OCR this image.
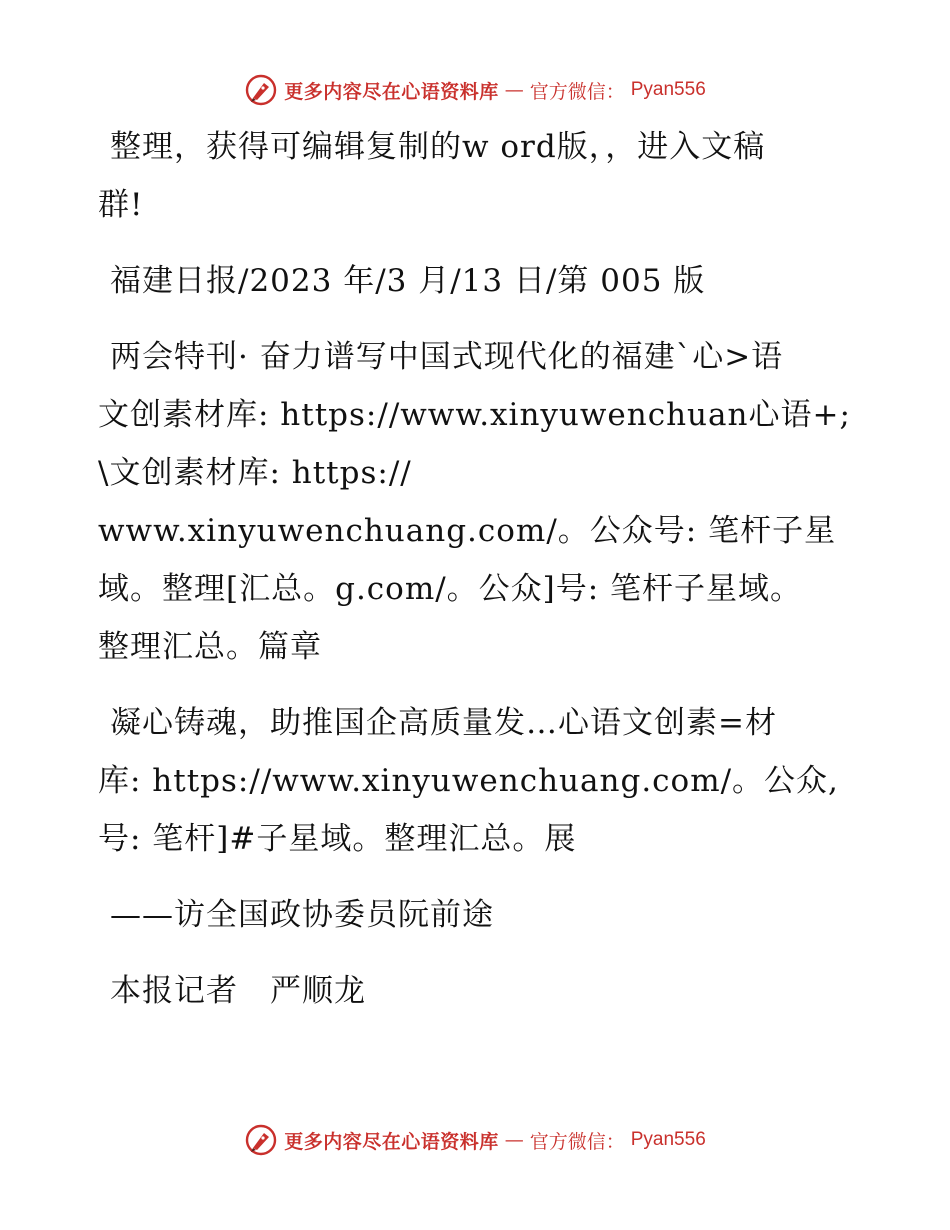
更多内容尽在心语资料库 — 官方微信： Pyan556

整理，获得可编辑复制的w ord版，，进入文稿
群!

福建日报/2023 年/3 月/13 日/第 005 版

两会特刊· 奋力谱写中国式现代化的福建`心>语
文创素材库: https://www.xinyuwenchuan心语+;
\文创素材库: https://
www.xinyuwenchuang.com/。公众号: 笔杆子星
域。整理[汇总。g.com/。公众]号: 笔杆子星域。
整理汇总。篇章

凝心铸魂，助推国企高质量发…心语文创素=材
库: https://www.xinyuwenchuang.com/。公众,
号: 笔杆]#子星域。整理汇总。展

——访全国政协委员阮前途

本报记者　严顺龙

更多内容尽在心语资料库 — 官方微信： Pyan556
